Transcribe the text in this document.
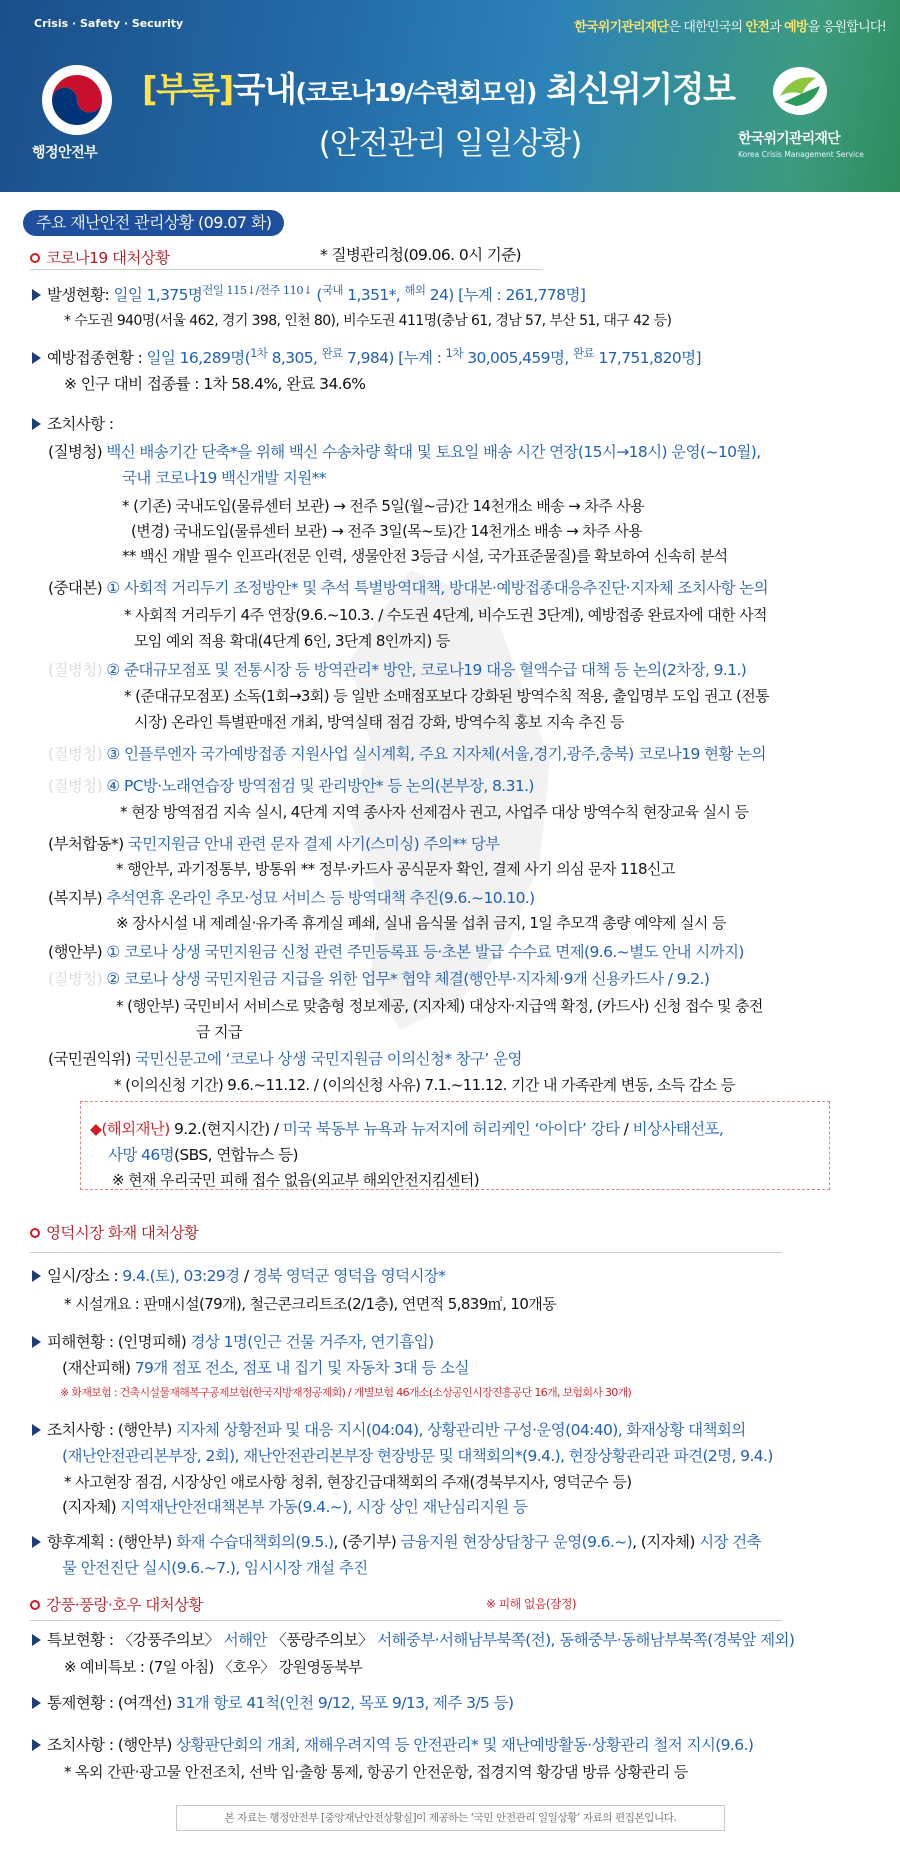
Crisis · Safety · Security	한국위기관리재단은 대한민국의 안전과 예방을 응원합니다!
행정안전부
[부록]국내(코로나19/수련회모임) 최신위기정보
(안전관리 일일상황)	한국위기관리재단
Korea Crisis Management Service
주요 재난안전 관리상황 (09.07 화)
코로나19 대처상황	* 질병관리청(09.06. 0시 기준)
발생현황: 일일 1,375명$^{전일 115↓/전주 110↓}$ ($^{국내}$ 1,351*, $^{해외}$ 24) [누계 : 261,778명]
* 수도권 940명(서울 462, 경기 398, 인천 80), 비수도권 411명(충남 61, 경남 57, 부산 51, 대구 42 등)
예방접종현황 : 일일 16,289명($^{1차}$ 8,305, $^{완료}$ 7,984) [누계 : $^{1차}$ 30,005,459명, $^{완료}$ 17,751,820명]
※ 인구 대비 접종률 : 1차 58.4%, 완료 34.6%
조치사항 :
(질병청) 백신 배송기간 단축*을 위해 백신 수송차량 확대 및 토요일 배송 시간 연장(15시→18시) 운영(~10월),
국내 코로나19 백신개발 지원**
* (기존) 국내도입(물류센터 보관) → 전주 5일(월~금)간 14천개소 배송 → 차주 사용
(변경) 국내도입(물류센터 보관) → 전주 3일(목~토)간 14천개소 배송 → 차주 사용
** 백신 개발 필수 인프라(전문 인력, 생물안전 3등급 시설, 국가표준물질)를 확보하여 신속히 분석
(중대본) ① 사회적 거리두기 조정방안* 및 추석 특별방역대책, 방대본·예방접종대응추진단·지자체 조치사항 논의
* 사회적 거리두기 4주 연장(9.6.~10.3. / 수도권 4단계, 비수도권 3단계), 예방접종 완료자에 대한 사적
모임 예외 적용 확대(4단계 6인, 3단계 8인까지) 등
(질병청) ② 준대규모점포 및 전통시장 등 방역관리* 방안, 코로나19 대응 혈액수급 대책 등 논의(2차장, 9.1.)
* (준대규모점포) 소독(1회→3회) 등 일반 소매점포보다 강화된 방역수칙 적용, 출입명부 도입 권고 (전통
시장) 온라인 특별판매전 개최, 방역실태 점검 강화, 방역수칙 홍보 지속 추진 등
(질병청) ③ 인플루엔자 국가예방접종 지원사업 실시계획, 주요 지자체(서울,경기,광주,충북) 코로나19 현황 논의
(질병청) ④ PC방·노래연습장 방역점검 및 관리방안* 등 논의(본부장, 8.31.)
* 현장 방역점검 지속 실시, 4단계 지역 종사자 선제검사 권고, 사업주 대상 방역수칙 현장교육 실시 등
(부처합동*) 국민지원금 안내 관련 문자 결제 사기(스미싱) 주의** 당부
* 행안부, 과기정통부, 방통위 ** 정부·카드사 공식문자 확인, 결제 사기 의심 문자 118신고
(복지부) 추석연휴 온라인 추모·성묘 서비스 등 방역대책 추진(9.6.~10.10.)
※ 장사시설 내 제례실·유가족 휴게실 폐쇄, 실내 음식물 섭취 금지, 1일 추모객 총량 예약제 실시 등
(행안부) ① 코로나 상생 국민지원금 신청 관련 주민등록표 등·초본 발급 수수료 면제(9.6.~별도 안내 시까지)
(질병청) ② 코로나 상생 국민지원금 지급을 위한 업무* 협약 체결(행안부·지자체·9개 신용카드사 / 9.2.)
* (행안부) 국민비서 서비스로 맞춤형 정보제공, (지자체) 대상자·지급액 확정, (카드사) 신청 접수 및 충전
금 지급
(국민권익위) 국민신문고에 ‘코로나 상생 국민지원금 이의신청* 창구’ 운영
* (이의신청 기간) 9.6.~11.12. / (이의신청 사유) 7.1.~11.12. 기간 내 가족관계 변동, 소득 감소 등
◆(해외재난) 9.2.(현지시간) / 미국 북동부 뉴욕과 뉴저지에 허리케인 ‘아이다’ 강타 / 비상사태선포,
사망 46명(SBS, 연합뉴스 등)
※ 현재 우리국민 피해 접수 없음(외교부 해외안전지킴센터)
영덕시장 화재 대처상황
일시/장소 : 9.4.(토), 03:29경 / 경북 영덕군 영덕읍 영덕시장*
* 시설개요 : 판매시설(79개), 철근콘크리트조(2/1층), 연면적 5,839㎡, 10개동
피해현황 : (인명피해) 경상 1명(인근 건물 거주자, 연기흡입)
(재산피해) 79개 점포 전소, 점포 내 집기 및 자동차 3대 등 소실
※ 화재보험 : 건축시설물재해복구공제보험(한국지방재정공제회) / 개별보험 46개소(소상공인시장진흥공단 16개, 보험회사 30개)
조치사항 : (행안부) 지자체 상황전파 및 대응 지시(04:04), 상황관리반 구성·운영(04:40), 화재상황 대책회의
(재난안전관리본부장, 2회), 재난안전관리본부장 현장방문 및 대책회의*(9.4.), 현장상황관리관 파견(2명, 9.4.)
* 사고현장 점검, 시장상인 애로사항 청취, 현장긴급대책회의 주재(경북부지사, 영덕군수 등)
(지자체) 지역재난안전대책본부 가동(9.4.~), 시장 상인 재난심리지원 등
향후계획 : (행안부) 화재 수습대책회의(9.5.), (중기부) 금융지원 현장상담창구 운영(9.6.~), (지자체) 시장 건축
물 안전진단 실시(9.6.~7.), 임시시장 개설 추진
강풍·풍랑·호우 대처상황	※ 피해 없음(잠정)
특보현황 : 〈강풍주의보〉 서해안 〈풍랑주의보〉 서해중부·서해남부북쪽(전), 동해중부·동해남부북쪽(경북앞 제외)
※ 예비특보 : (7일 아침) 〈호우〉 강원영동북부
통제현황 : (여객선) 31개 항로 41척(인천 9/12, 목포 9/13, 제주 3/5 등)
조치사항 : (행안부) 상황판단회의 개최, 재해우려지역 등 안전관리* 및 재난예방활동·상황관리 철저 지시(9.6.)
* 옥외 간판·광고물 안전조치, 선박 입·출항 통제, 항공기 안전운항, 접경지역 황강댐 방류 상황관리 등
본 자료는 행정안전부 [중앙재난안전상황실]이 제공하는 ‘국민 안전관리 일일상황’ 자료의 편집본입니다.
